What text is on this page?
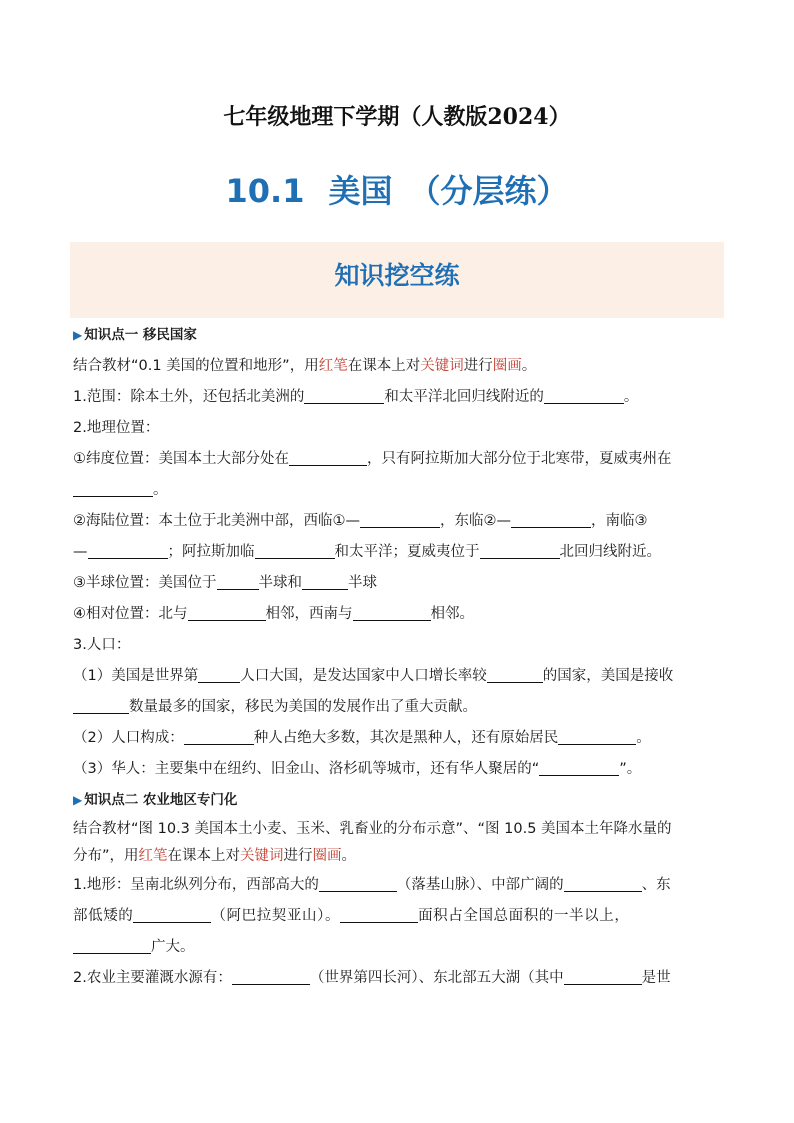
七年级地理下学期（人教版2024）
10.1 美国　（分层练）
知识挖空练
▶ 知识点一 移民国家
结合教材“0.1 美国的位置和地形”，用红笔在课本上对关键词进行圈画。
1.范围：除本土外，还包括北美洲的	和太平洋北回归线附近的	。
2.地理位置：
①纬度位置：美国本土大部分处在	，只有阿拉斯加大部分位于北寒带，夏威夷州在
。
②海陆位置：本土位于北美洲中部，西临①—	，东临②—	，南临③
—	；阿拉斯加临	和太平洋；夏威夷位于	北回归线附近。
③半球位置：美国位于	半球和	半球
④相对位置：北与	相邻，西南与	相邻。
3.人口：
（1）美国是世界第	人口大国，是发达国家中人口增长率较	的国家，美国是接收
数量最多的国家，移民为美国的发展作出了重大贡献。
（2）人口构成：	种人占绝大多数，其次是黑种人，还有原始居民	。
（3）华人：主要集中在纽约、旧金山、洛杉矶等城市，还有华人聚居的“	”。
▶ 知识点二 农业地区专门化
结合教材“图 10.3 美国本土小麦、玉米、乳畜业的分布示意”、“图 10.5 美国本土年降水量的
分布”，用红笔在课本上对关键词进行圈画。
1.地形：呈南北纵列分布，西部高大的	（落基山脉）、中部广阔的	、东
部低矮的	（阿巴拉契亚山）。	面积占全国总面积的一半以上，
广大。
2.农业主要灌溉水源有：	（世界第四长河）、东北部五大湖（其中	是世
